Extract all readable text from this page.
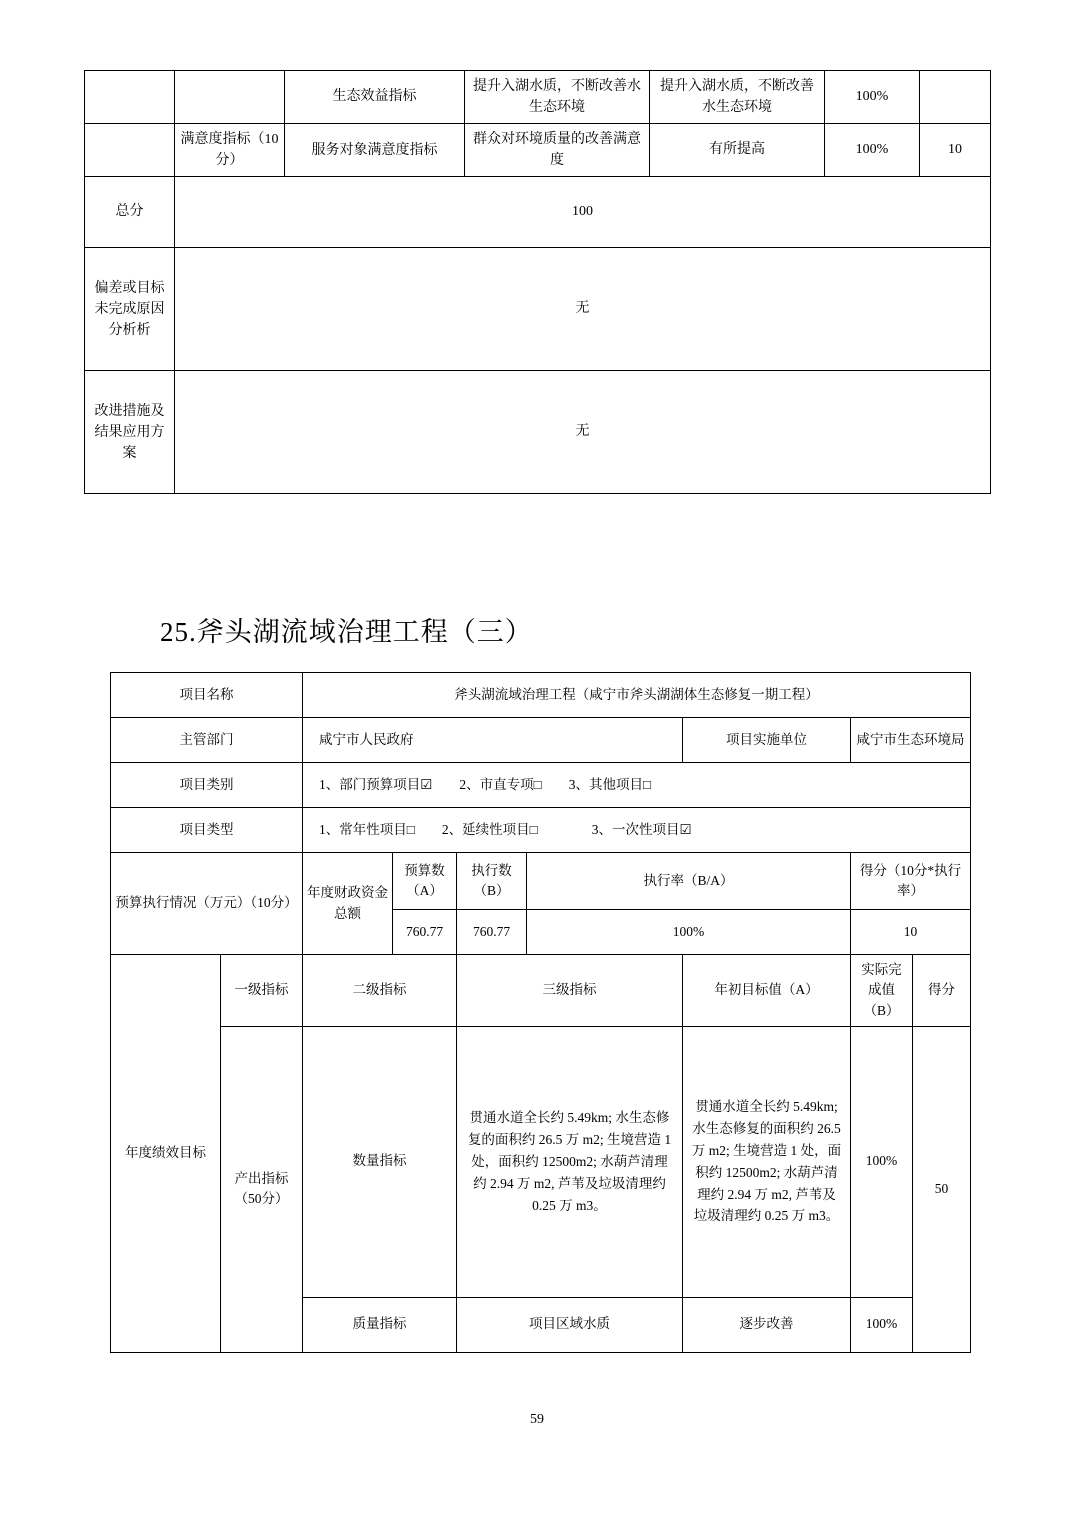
		生态效益指标	提升入湖水质，不断改善水生态环境	提升入湖水质，不断改善水生态环境	100%	
	满意度指标（10分）	服务对象满意度指标	群众对环境质量的改善满意度	有所提高	100%	10
总分	100					
偏差或目标未完成原因分析析	无					
改进措施及结果应用方案	无					
25.斧头湖流域治理工程（三）
项目名称		斧头湖流域治理工程（咸宁市斧头湖湖体生态修复一期工程）						
主管部门		咸宁市人民政府				项目实施单位	咸宁市生态环境局	
项目类别		1、部门预算项目☑　　2、市直专项□　　3、其他项目□						
项目类型		1、常年性项目□　　2、延续性项目□　　　　3、一次性项目☑						
预算执行情况（万元）（10分）		年度财政资金总额	预算数（A）	执行数（B）	执行率（B/A）		得分（10分*执行率）	
			760.77	760.77	100%		10	
年度绩效目标	一级指标	二级指标		三级指标		年初目标值（A）	实际完成值（B）	得分
	产出指标（50分）	数量指标		贯通水道全长约 5.49km; 水生态修复的面积约 26.5 万 m2; 生境营造 1 处，面积约 12500m2; 水葫芦清理约 2.94 万 m2, 芦苇及垃圾清理约 0.25 万 m3。		贯通水道全长约 5.49km; 水生态修复的面积约 26.5 万 m2; 生境营造 1 处，面积约 12500m2; 水葫芦清理约 2.94 万 m2, 芦苇及垃圾清理约 0.25 万 m3。	100%	50
		质量指标		项目区域水质		逐步改善	100%	
59
